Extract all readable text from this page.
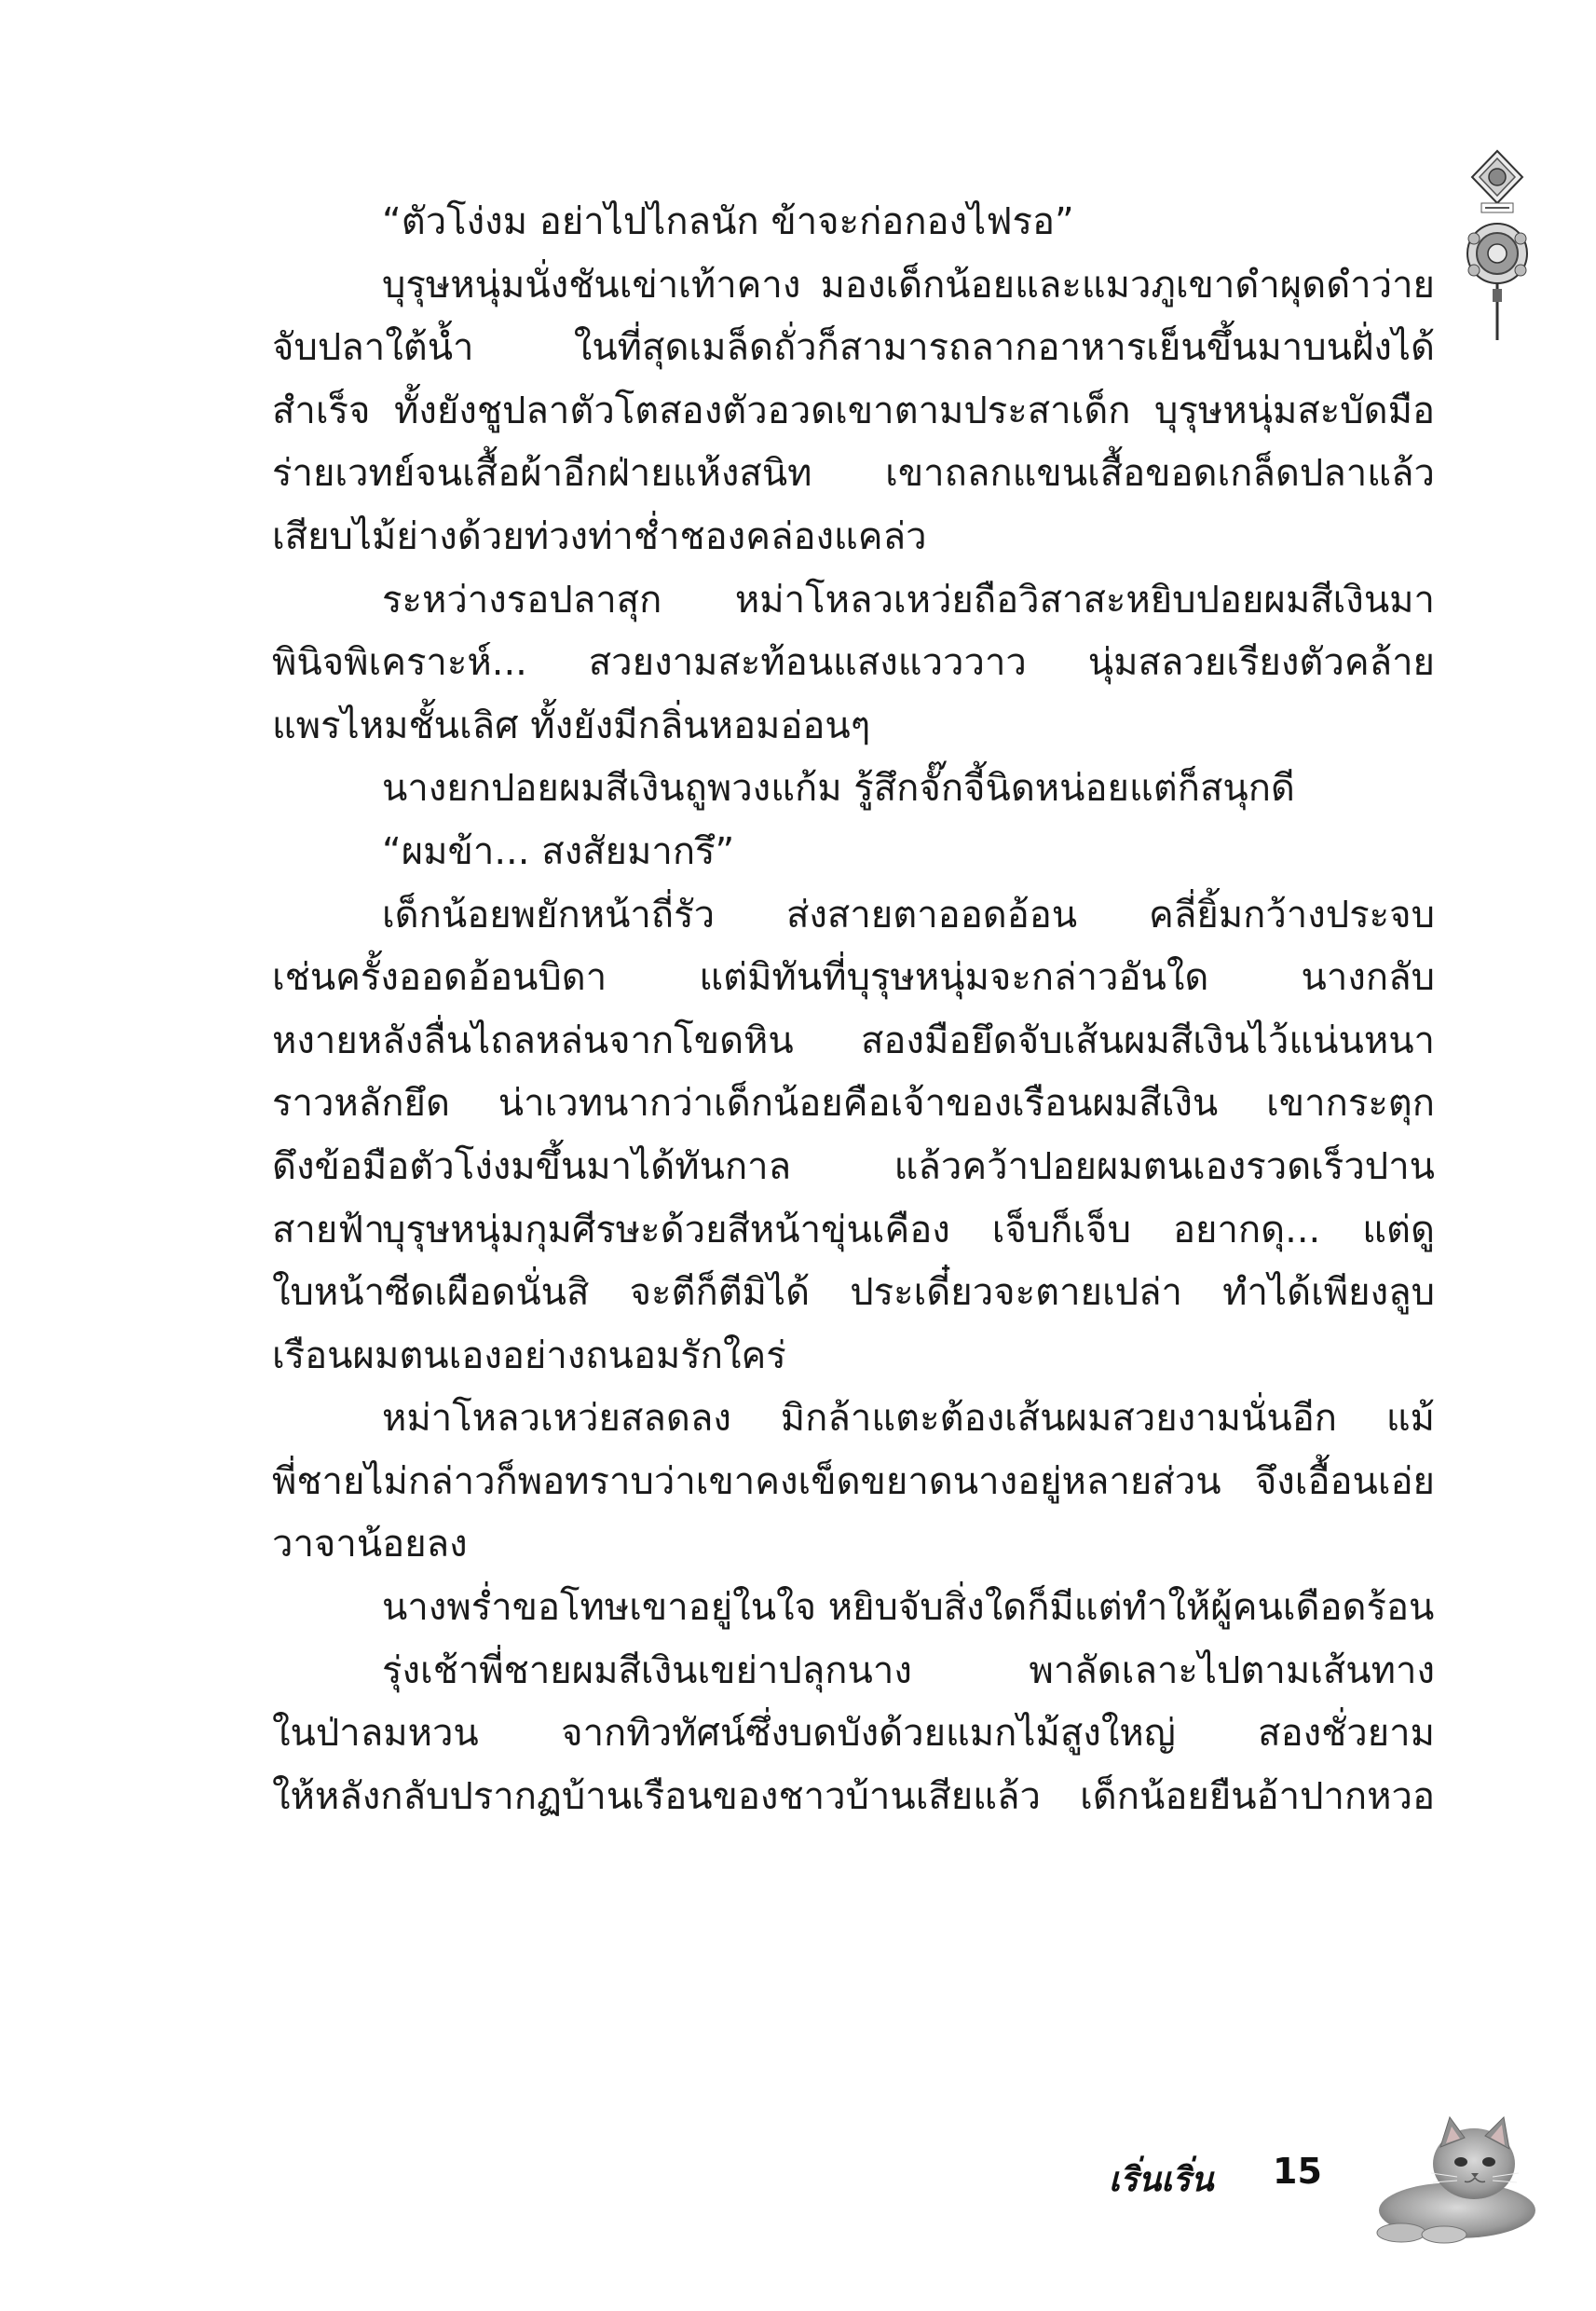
“ตัวโง่งม อย่าไปไกลนัก ข้าจะก่อกองไฟรอ”
บุรุษหนุ่มนั่งชันเข่าเท้าคาง มองเด็กน้อยและแมวภูเขาดำผุดดำว่าย
จับปลาใต้น้ำ ในที่สุดเมล็ดถั่วก็สามารถลากอาหารเย็นขึ้นมาบนฝั่งได้
สำเร็จ ทั้งยังชูปลาตัวโตสองตัวอวดเขาตามประสาเด็ก บุรุษหนุ่มสะบัดมือ
ร่ายเวทย์จนเสื้อผ้าอีกฝ่ายแห้งสนิท เขาถลกแขนเสื้อขอดเกล็ดปลาแล้ว
เสียบไม้ย่างด้วยท่วงท่าช่ำชองคล่องแคล่ว
ระหว่างรอปลาสุก หม่าโหลวเหว่ยถือวิสาสะหยิบปอยผมสีเงินมา
พินิจพิเคราะห์... สวยงามสะท้อนแสงแวววาว นุ่มสลวยเรียงตัวคล้าย
แพรไหมชั้นเลิศ ทั้งยังมีกลิ่นหอมอ่อนๆ
นางยกปอยผมสีเงินถูพวงแก้ม รู้สึกจั๊กจี้นิดหน่อยแต่ก็สนุกดี
“ผมข้า... สงสัยมากรึ”
เด็กน้อยพยักหน้าถี่รัว ส่งสายตาออดอ้อน คลี่ยิ้มกว้างประจบ
เช่นครั้งออดอ้อนบิดา แต่มิทันที่บุรุษหนุ่มจะกล่าวอันใด นางกลับ
หงายหลังลื่นไถลหล่นจากโขดหิน สองมือยึดจับเส้นผมสีเงินไว้แน่นหนา
ราวหลักยึด น่าเวทนากว่าเด็กน้อยคือเจ้าของเรือนผมสีเงิน เขากระตุก
ดึงข้อมือตัวโง่งมขึ้นมาได้ทันกาล แล้วคว้าปอยผมตนเองรวดเร็วปานสายฟ้า
บุรุษหนุ่มกุมศีรษะด้วยสีหน้าขุ่นเคือง เจ็บก็เจ็บ อยากดุ... แต่ดู
ใบหน้าซีดเผือดนั่นสิ จะตีก็ตีมิได้ ประเดี๋ยวจะตายเปล่า ทำได้เพียงลูบ
เรือนผมตนเองอย่างถนอมรักใคร่
หม่าโหลวเหว่ยสลดลง มิกล้าแตะต้องเส้นผมสวยงามนั่นอีก แม้
พี่ชายไม่กล่าวก็พอทราบว่าเขาคงเข็ดขยาดนางอยู่หลายส่วน จึงเอื้อนเอ่ย
วาจาน้อยลง
นางพร่ำขอโทษเขาอยู่ในใจ หยิบจับสิ่งใดก็มีแต่ทำให้ผู้คนเดือดร้อน
รุ่งเช้าพี่ชายผมสีเงินเขย่าปลุกนาง พาลัดเลาะไปตามเส้นทาง
ในป่าลมหวน จากทิวทัศน์ซึ่งบดบังด้วยแมกไม้สูงใหญ่ สองชั่วยาม
ให้หลังกลับปรากฏบ้านเรือนของชาวบ้านเสียแล้ว เด็กน้อยยืนอ้าปากหวอ
เริ่นเริ่น 15
